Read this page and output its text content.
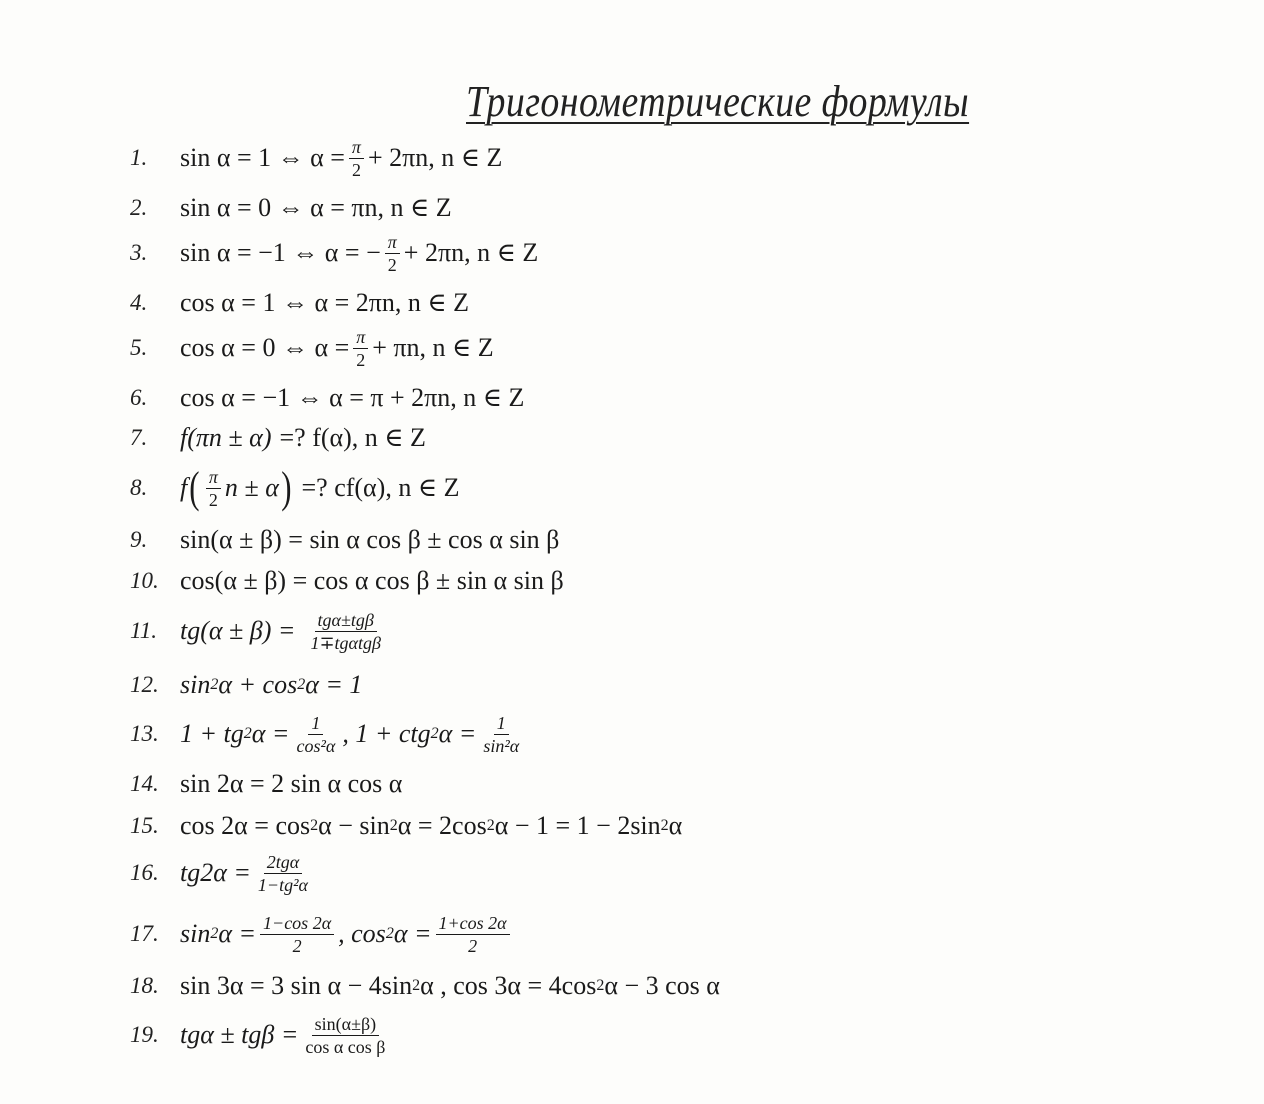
Тригонометрические формулы
1.	sin α = 1 ⇔ $\alpha = \frac{\pi}{2} + 2\pi n$, n ∈ Z
2.	sin α = 0 ⇔ α = πn, n ∈ Z
3.	sin α = −1 ⇔ α = − $\frac{\pi}{2} + 2\pi n$, n ∈ Z
4.	cos α = 1 ⇔ α = 2πn, n ∈ Z
5.	cos α = 0 ⇔ $\alpha = \frac{\pi}{2} + \pi n$, n ∈ Z
6.	cos α = −1 ⇔ α = π + 2πn, n ∈ Z
7.	f(πn ± α) =? f(α), n ∈ Z
8.	f ( $\frac{\pi}{2}$ n ± α ) =? cf(α), n ∈ Z
9.	sin(α ± β) = sin α cos β ± cos α sin β
10. cos(α ± β) = cos α cos β ± sin α sin β
11. $tg(\alpha \pm \beta) = \frac{\text{tgα±tgβ}}{\text{1∓tgαtgβ}}$
12. sin 2 α + cos 2 α = 1
13. 1 + tg 2 $\alpha = \frac{1}{\text{cos²α}}$ , 1 + ctg 2 $\alpha = \frac{1}{\text{sin²α}}$
14. sin 2α = 2 sin α cos α
15. cos 2α = cos 2 α − sin 2 α = 2cos 2 α − 1 = 1 − 2sin 2 α
16. $tg2\alpha = \frac{\text{2tgα}}{\text{1−tg²α}}$
17. sin 2 $\alpha = \frac{1-\cos 2\alpha}{2}$ , cos 2 $\alpha = \frac{1+\cos 2\alpha}{2}$
18. sin 3α = 3 sin α − 4sin 2 α , cos 3α = 4cos 2 α − 3 cos α
19. $tg\alpha \pm tg\beta = \frac{\sin(\alpha\pm\beta)}{\text{cos α cos β}}$
